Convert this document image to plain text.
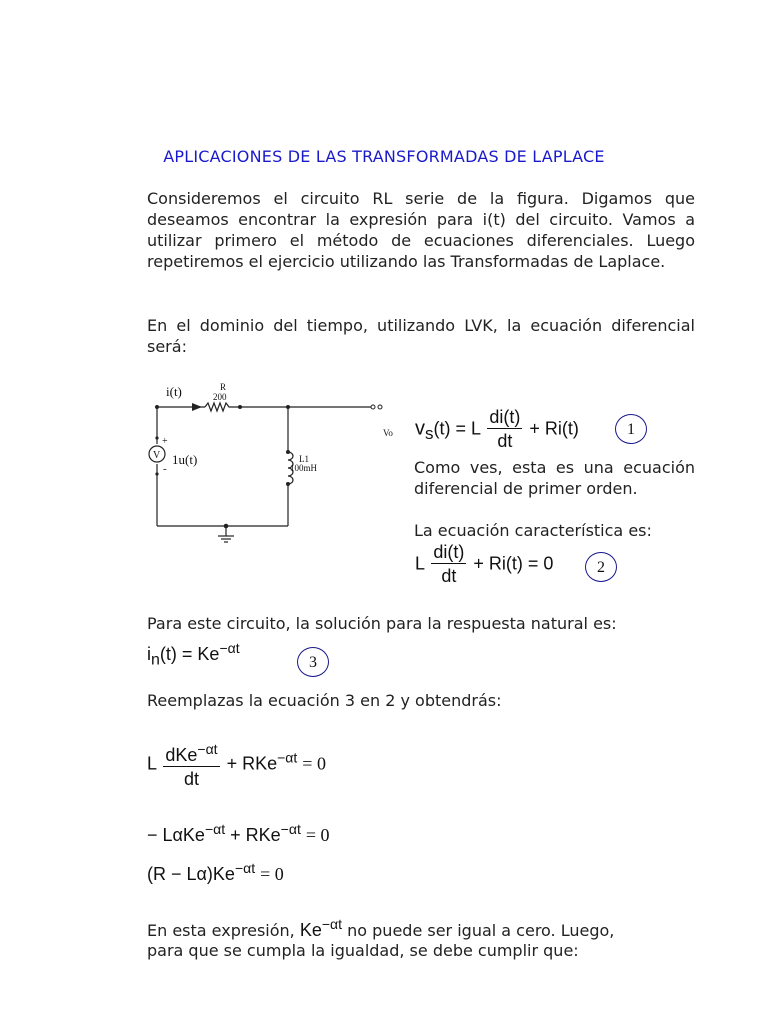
APLICACIONES DE LAS TRANSFORMADAS DE LAPLACE
Consideremos el circuito RL serie de la figura. Digamos que deseamos encontrar la expresión para i(t) del circuito. Vamos a utilizar primero el método de ecuaciones diferenciales. Luego repetiremos el ejercicio utilizando las Transformadas de Laplace.
En el dominio del tiempo, utilizando LVK, la ecuación diferencial será:
V
i(t)	R
200
+
-
1u(t)	L1
100mH
Vo $v_s(t) = L \frac{di(t)}{dt} + Ri(t)$	1
Como ves, esta es una ecuación diferencial de primer orden.
La ecuación característica es:
L $\frac{di(t)}{dt} + Ri(t) = 0$	2
Para este circuito, la solución para la respuesta natural es:
$i_n(t) = Ke^{-\alpha t}$
3
Reemplazas la ecuación 3 en 2 y obtendrás:
L $\frac{dKe^{-\alpha t}}{dt} + RKe^{-\alpha t} = 0$
− LαKe$^{-\alpha t}$ + RKe$^{-\alpha t}$ = 0
$(R - L\alpha)Ke^{-\alpha t} = 0$
En esta expresión, $Ke^{-\alpha t}$ no puede ser igual a cero. Luego,
para que se cumpla la igualdad, se debe cumplir que:
